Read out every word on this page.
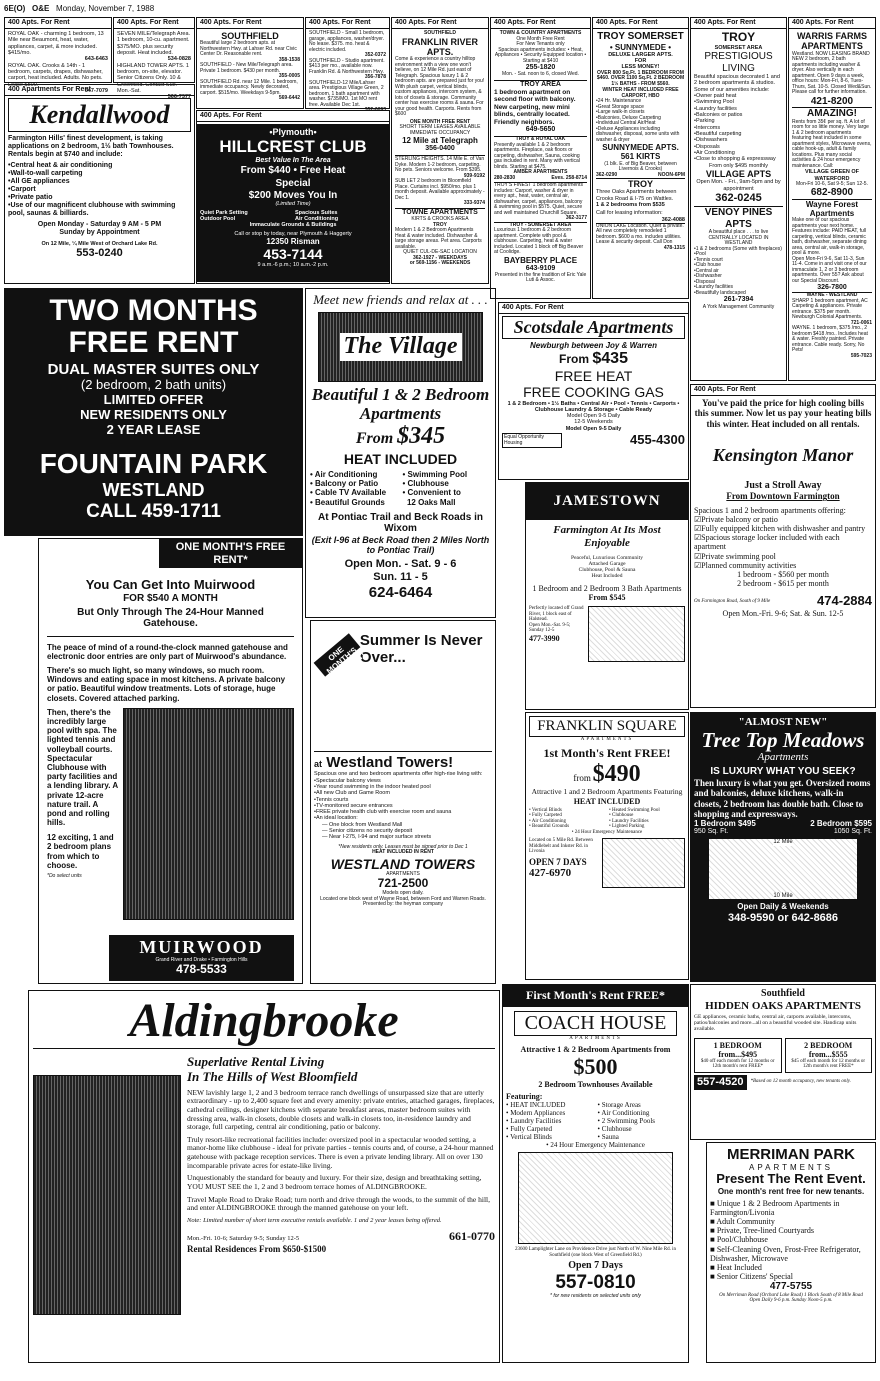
6E(O) O&E Monday, November 7, 1988
400 Apts. For Rent
ROYAL OAK - charming 1 bedroom, 13 Mile near Beaumont, heat, water, appliances, carpet, & more included. $415/mo.
643-6463
ROYAL OAK. Crooks & 14th - 1 bedroom, carpets, drapes, dishwasher, carport, heat included. Adults. No pets. Lease $500.
647-7079
400 Apts. For Rent
SEVEN MILE/Telegraph Area. 1 bedroom, 10-cu. apartment. $375/MO. plus security deposit. Heat included.
534-0828
HIGHLAND TOWER APTS. 1 bedroom, on-site, elevator. Senior Citizens Only. 10 & Greenfield. Contact Sue. Mon.-Sat.
566-7377
400 Apartments For Rent
Kendallwood
Farmington Hills' finest development, is taking applications on 2 bedroom, 1½ bath Townhouses. Rentals begin at $740 and include:
• Central heat & air conditioning
• Wall-to-wall carpeting
• All GE appliances
• Carport
• Private patio
• Use of our magnificent clubhouse with swimming pool, saunas & billiards.
Open Monday - Saturday 9 AM - 5 PM
Sunday by Appointment
On 12 Mile, ¼ Mile West of Orchard Lake Rd.
553-0240
400 Apts. For Rent
SOUTHFIELD
Beautiful large 2 bedroom apts. at Northwestern Hwy. at Lahser Rd. near Civic Center Dr. Reasonable rent.
358-1538
SOUTHFIELD - New Mile/Telegraph area. Private 1 bedroom. $430 per month.
355-0005
SOUTHFIELD Rd. near 12 Mile. 1 bedroom, immediate occupancy. Newly decorated, carport. $515/mo. Weekdays 9-5pm.
569-6442
400 Apts. For Rent
SOUTHFIELD - Small 1 bedroom, garage, appliances, washer/dryer. No lease. $375. mo. heat & electric included.
352-0372
SOUTHFIELD - Studio apartment. $413 per mo., available now. Franklin Rd. & Northwestern Hwy.
356-7878
SOUTHFIELD-12 Mile/Lahser area. Prestigious Village Green, 2 bedroom, 1 bath apartment with washer. $735/MO. 1st MO rent free. Available Dec 1st.
352-0093
400 Apts. For Rent
•Plymouth•
HILLCREST CLUB
Best Value In The Area
From $440 • Free Heat
Special
$200 Moves You In
(Limited Time)
Quiet Park Setting
Outdoor Pool
Spacious Suites
Air Conditioning
Immaculate Grounds & Buildings
Call or stop by today, near Plymouth & Haggerty
12350 Risman
453-7144
9 a.m.-6 p.m.; 10 a.m.-2 p.m.
400 Apts. For Rent
SOUTHFIELD
FRANKLIN RIVER APTS.
Come & experience a country hilltop environment with a view one won't believe, on 12 Mile Rd. just east of Telegraph. Spacious luxury 1 & 2 bedroom apts. are prepared just for you! With plush carpet, vertical blinds, custom appliances, intercom system, & lots of closets & storage. Community center has exercise rooms & sauna. For your good health. Carports. Rents from $600
ONE MONTH FREE RENT
SHORT TERM LEASES AVAILABLE
IMMEDIATE OCCUPANCY
12 Mile at Telegraph
356-0400
STERLING HEIGHTS. 14 Mile E. of Van Dyke. Modern 1-2 bedroom, carpeting. No pets. Seniors welcome. From $395.
939-9192
SUB LET 2 bedroom in Bloomfield Place. Curtains incl. $950/mo. plus 1 month deposit. Available approximately - Dec 1.
333-9374
TOWNE APARTMENTS
KIRTS & CROOKS AREA
TROY
Modern 1 & 2 Bedroom Apartments Heat & water included. Dishwasher & large storage areas. Pet area. Carports available.
QUIET CUL-DE-SAC LOCATION
362-1927 - WEEKDAYS
or 569-1156 - WEEKENDS
400 Apts. For Rent
TOWN & COUNTRY APARTMENTS
One Month Free Rent
For New Tenants only
Spacious apartments includes: • Heat, Appliances • Security Equipped location • Starting at $410
255-1820
Mon. - Sat. noon to 6, closed Wed.
TROY AREA
1 bedroom apartment on second floor with balcony. New carpeting, new mini blinds, centrally located. Friendly neighbors.
649-5650
TROY & ROYAL OAK
Presently available 1 & 2 bedroom apartments. Fireplace, oak floors or carpeting, dishwasher, Sauna, cooking gas included in rent. Many with vertical blinds. Starting at $475.
AMBER APARTMENTS
280-2830	Eves. 258-8714
TROY'S FINEST 1 bedroom apartments includes: Carport, washer & dryer in every apt., heat, water, central air, dishwasher, carpet, appliances, balcony & swimming pool in $575. Quiet, secure and well maintained Churchill Square.
362-3177
TROY - SOMERSET AREA
Luxurious 1 bedroom & 2 bedroom apartment. Complete with pool & clubhouse. Carpeting, heat & water included. Located 1 block off Big Beaver at Coolidge.
BAYBERRY PLACE
643-9109
Presented in the fine tradition of Eric Yale Luti & Assoc.
400 Apts. For Rent
TROY SOMERSET
• SUNNYMEDE •
DELUXE LARGER APTS.
FOR
LESS MONEY!
OVER 800 Sq.Ft. 1 BEDROOM FROM $460. OVER 1100 Sq.Ft. 2 BEDROOM 1½ BATHS - FROM $560.
WINTER HEAT INCLUDED FREE CARPORT, HBO
• 24 Hr. Maintenance
• Great Storage space
• Large walk-in closets
• Balconies, Deluxe Carpeting
• Individual Central Air/Heat
• Deluxe Appliances including dishwasher, disposal, some units with washer & dryer
SUNNYMEDE APTS.
561 KIRTS
(1 blk. E. of Big Beaver, between Livernois & Crooks)
362-0290	NOON-6PM
TROY
Three Oaks Apartments between Crooks Road & I-75 on Wattles.
1 & 2 bedrooms from $535
Call for leasing information:
362-4088
UNION LAKE Location. Quiet & private. All new completely remodeled 1 bedroom. $600 a mo. includes utilities. Lease & security deposit. Call Don
478-1315
400 Apts. For Rent
TROY
SOMERSET AREA
PRESTIGIOUS
LIVING
Beautiful spacious decorated 1 and 2 bedroom apartments & studios. Some of our amenities include:
• Owner paid heat
• Swimming Pool
• Laundry facilities
• Balconies or patios
• Parking
• Intercoms
• Beautiful carpeting
• Dishwashers
• Disposals
• Air Conditioning
• Close to shopping & expressway
From only $495 monthly
VILLAGE APTS
Open Mon. - Fri., 9am-5pm and by appointment
362-0245
VENOY PINES APTS
A beautiful place . . . to live CENTRALLY LOCATED IN WESTLAND
• 1 & 2 bedrooms (Some with fireplaces)
• Pool
• Tennis court
• Club house
• Central air
• Dishwasher
• Disposal
• Laundry facilities
• Beautifully landscaped
261-7394
A York Management Community
400 Apts. For Rent
WARRIS FARMS APARTMENTS
Westland. NOW LEASING BRAND NEW 2 bedroom, 2 bath apartments including washer & dryer. Also vertically in each apartment. Open 9 days a week, office hours: Mon-Fri, 8-6, Tues-Thurs, Sat. 10-5. Closed Wed&Sun. Please call for further information.
421-8200
AMAZING!
Rents from 35¢ per sq. ft. A lot of room for so little money. Very large 1 & 2 bedroom apartments featuring heat included in some apartment styles, Microwave ovens, cable hook-up, adult & family locations. Plus many social activities & 24 hour emergency maintenance. Call:
VILLAGE GREEN OF WATERFORD
Mon-Fri 10-6, Sat 9-5; Sun 12-5.
682-8900
Wayne Forest Apartments
Make one of our spacious apartments your next home. Features include: PAID HEAT, full carpeting, vertical blinds, ceramic bath, dishwasher, separate dining area, central air, walk-in storage, pool & more.
Open Mon-Fri 9-6, Sat 11-3, Sun 11-4. Come in and visit one of our immaculate 1, 2 or 3 bedroom apartments. Over 55? Ask about our Special Discount.
326-7800
WAYNE - WESTLAND
SHARP 1 bedroom apartment, AC Carpeting & appliances. Private entrance. $375 per month. Newburgh Colonial Apartments.
721-0061
WAYNE. 1 bedroom, $375 /mo., 2 bedroom $418 /mo.. Includes heat & water. Freshly painted. Private entrance. Cable ready. Sorry, No Pets!
595-7023
TWO MONTHS
FREE RENT
DUAL MASTER SUITES ONLY
(2 bedroom, 2 bath units)
LIMITED OFFER
NEW RESIDENTS ONLY
2 YEAR LEASE
FOUNTAIN PARK
WESTLAND
CALL 459-1711
ONE MONTH'S FREE RENT*
You Can Get Into Muirwood
FOR $540 A MONTH
But Only Through The 24-Hour Manned Gatehouse.
The peace of mind of a round-the-clock manned gatehouse and electronic door entries are only part of Muirwood's abundance.
There's so much light, so many windows, so much room. Windows and eating space in most kitchens. A private balcony or patio. Beautiful window treatments. Lots of storage, huge closets. Covered attached parking.
Then, there's the incredibly large pool with spa. The lighted tennis and volleyball courts. Spectacular Clubhouse with party facilities and a lending library. A private 12-acre nature trail. A pond and rolling hills.
12 exciting, 1 and 2 bedroom plans from which to choose.
*Do select units
MUIRWOOD
Grand River and Drake • Farmington Hills
478-5533
Meet new friends and relax at . . .
The Village
Beautiful 1 & 2 Bedroom Apartments
From $345
HEAT INCLUDED
• Air Conditioning
• Balcony or Patio
• Cable TV Available
• Beautiful Grounds
• Swimming Pool
• Clubhouse
• Convenient to
12 Oaks Mall
At Pontiac Trail and Beck Roads in Wixom
(Exit I-96 at Beck Road then 2 Miles North to Pontiac Trail)
Open Mon. - Sat. 9 - 6
Sun. 11 - 5
624-6464
ONE MONTH'S FREE RENT
Summer Is Never Over...
at Westland Towers!
Spacious one and two bedroom apartments offer high-rise living with:
• Spectacular balcony views
• Year round swimming in the indoor heated pool
• All new Club and Game Room
• Tennis courts
• TV-monitored secure entrances
• FREE private health club with exercise room and sauna
• An ideal location:
— One block from Westland Mall
— Senior citizens no security deposit
— Near I-275, I-94 and major surface streets
*New residents only. Leases must be signed prior to Dec 1
HEAT INCLUDED IN RENT
WESTLAND TOWERS
APARTMENTS
721-2500
Models open daily.
Located one block west of Wayne Road, between Ford and Warren Roads.
Presented by: the heyman company
400 Apts. For Rent
Scotsdale Apartments
Newburgh between Joy & Warren
From $435
FREE HEAT
FREE COOKING GAS
1 & 2 Bedroom • 1½ Baths • Central Air • Pool • Tennis • Carports • Clubhouse Laundry & Storage • Cable Ready
Model Open 9-5 Daily
12-5 Weekends
Model Open 9-5 Daily
Equal Opportunity Housing	455-4300
JAMESTOWN
Farmington At Its Most Enjoyable
Peaceful, Luxurious Community
Attached Garage
Clubhouse, Pool & Sauna
Heat Included
1 Bedroom and 2 Bedroom 3 Bath Apartments
From $545
Perfectly located off Grand River, 1 block east of Halstead.
Open Mon.-Sat. 9-5; Sunday 12-5
477-3990
FRANKLIN SQUARE
APARTMENTS
1st Month's Rent FREE!
from $490
Attractive 1 and 2 Bedroom Apartments Featuring
HEAT INCLUDED
• Vertical Blinds
• Fully Carpeted
• Air Conditioning
• Beautiful Grounds
• Heated Swimming Pool
• Clubhouse
• Laundry Facilities
• Lighted Parking
• 24 Hour Emergency Maintenance
Located on 5 Mile Rd. Between Middlebelt and Inkster Rd. in Livonia
OPEN 7 DAYS
427-6970
400 Apts. For Rent
You've paid the price for high cooling bills this summer. Now let us pay your heating bills this winter. Heat included on all rentals.
Kensington Manor
Just a Stroll Away
From Downtown Farmington
Spacious 1 and 2 bedroom apartments offering:
☑ Private balcony or patio
☑ Fully equipped kitchen with dishwasher and pantry
☑ Spacious storage locker included with each apartment
☑ Private swimming pool
☑ Planned community activities
1 bedroom - $560 per month
2 bedroom - $615 per month
On Farmington Road, South of 9 Mile	474-2884
Open Mon.-Fri. 9-6; Sat. & Sun. 12-5
"ALMOST NEW"
Tree Top Meadows
Apartments
IS LUXURY WHAT YOU SEEK?
Then luxury is what you get. Oversized rooms and balconies, deluxe kitchens, walk-in closets, 2 bedroom has double bath. Close to shopping and expressways.
1 Bedroom $495	2 Bedroom $595
950 Sq. Ft.	1050 Sq. Ft.
12 Mile
10 Mile
Open Daily & Weekends
348-9590 or 642-8686
Aldingbrooke
Superlative Rental Living
In The Hills of West Bloomfield
NEW lavishly large 1, 2 and 3 bedroom terrace ranch dwellings of unsurpassed size that are utterly extraordinary - up to 2,400 square feet and every amenity: private entries, attached garages, fireplaces, cathedral ceilings, designer kitchens with separate breakfast areas, master bedroom suites with dressing area, walk-in closets, double closets and walk-in closets too, in-residence laundry and storage, full carpeting, central air conditioning, patio or balcony.
Truly resort-like recreational facilities include: oversized pool in a spectacular wooded setting, a manor-home like clubhouse - ideal for private parties - tennis courts and, of course, a 24-hour manned gatehouse with package reception services. There is even a private lending library. All on over 130 incomparable private acres for estate-like living.
Unquestionably the standard for beauty and luxury. For their size, design and breathtaking setting, YOU MUST SEE the 1, 2 and 3 bedroom terrace homes of ALDINGBROOKE.
Travel Maple Road to Drake Road; turn north and drive through the woods, to the summit of the hill, and enter ALDINGBROOKE through the manned gatehouse on your left.
Note: Limited number of short term executive rentals available. 1 and 2 year leases being offered.
Mon.-Fri. 10-6; Saturday 9-5; Sunday 12-5	661-0770
Rental Residences From $650-$1500
First Month's Rent FREE*
COACH HOUSE
APARTMENTS
Attractive 1 & 2 Bedroom Apartments from
$500
2 Bedroom Townhouses Available
Featuring:
• HEAT INCLUDED
• Modern Appliances
• Laundry Facilities
• Fully Carpeted
• Vertical Blinds
• Storage Areas
• Air Conditioning
• 2 Swimming Pools
• Clubhouse
• Sauna
• 24 Hour Emergency Maintenance
23600 Lamplighter Lane on Providence Drive just North of W. Nine Mile Rd. in Southfield (one block West of Greenfield Rd.)
Open 7 Days
557-0810
* for new residents on selected units only
Southfield
HIDDEN OAKS APARTMENTS
GE appliances, ceramic baths, central air, carports available, intercoms, patios/balconies and more...all on a beautiful wooded site. Handicap units available.
1 BEDROOM
from...$495
$40 off each month for 12 months or 12th month's rent FREE*
2 BEDROOM
from...$555
$45 off each month for 12 months or 12th month's rent FREE*
557-4520	*Based on 12 month occupancy, new tenants only.
MERRIMAN PARK
APARTMENTS
Present The Rent Event.
One month's rent free for new tenants.
■ Unique 1 & 2 Bedroom Apartments in Farmington/Livonia
■ Adult Community
■ Private, Tree-lined Courtyards
■ Pool/Clubhouse
■ Self-Cleaning Oven, Frost-Free Refrigerator, Dishwasher, Microwave
■ Heat Included
■ Senior Citizens' Special
477-5755
On Merriman Road (Orchard Lake Road) 1 Block South of 8 Mile Road
Open Daily 9-6 p.m. Sunday Noon-5 p.m.
